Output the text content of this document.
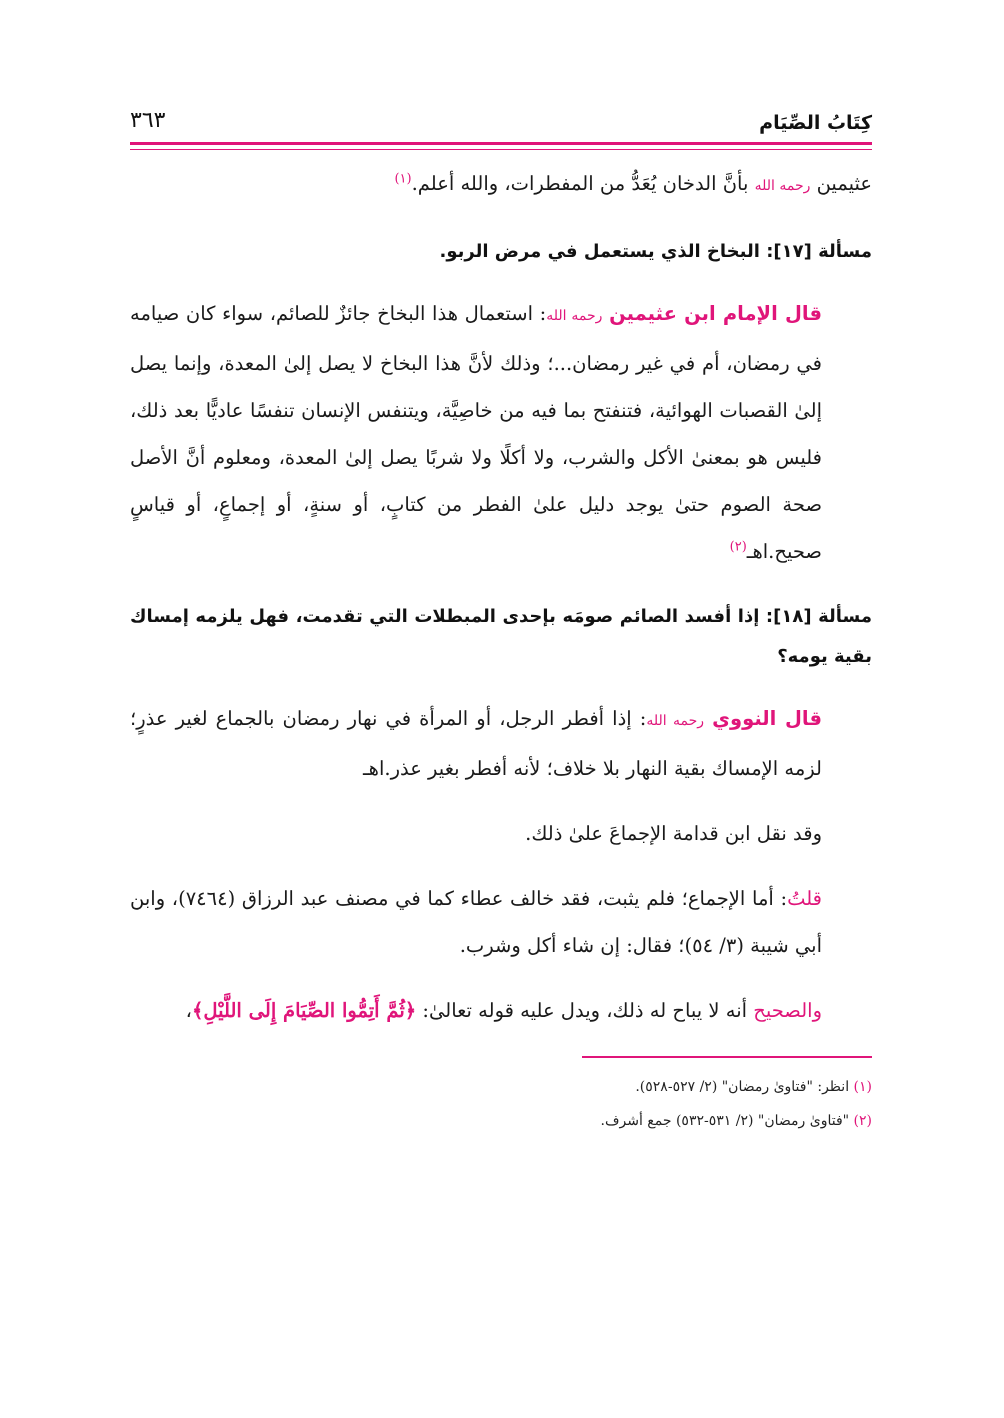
كِتَابُ الصِّيَام
٣٦٣

عثيمين رحمه الله بأنَّ الدخان يُعَدُّ من المفطرات، والله أعلم.$^{(١)}$

مسألة [١٧]: البخاخ الذي يستعمل في مرض الربو.

قال الإمام ابن عثيمين رحمه الله: استعمال هذا البخاخ جائزٌ للصائم، سواء كان صيامه في رمضان، أم في غير رمضان...؛ وذلك لأنَّ هذا البخاخ لا يصل إلىٰ المعدة، وإنما يصل إلىٰ القصبات الهوائية، فتنفتح بما فيه من خاصِيَّة، ويتنفس الإنسان تنفسًا عاديًّا بعد ذلك، فليس هو بمعنىٰ الأكل والشرب، ولا أكلًا ولا شربًا يصل إلىٰ المعدة، ومعلوم أنَّ الأصل صحة الصوم حتىٰ يوجد دليل علىٰ الفطر من كتابٍ، أو سنةٍ، أو إجماعٍ، أو قياسٍ صحيح.اهـ$^{(٢)}$

مسألة [١٨]: إذا أفسد الصائم صومَه بإحدى المبطلات التي تقدمت، فهل يلزمه إمساك بقية يومه؟

قال النووي رحمه الله: إذا أفطر الرجل، أو المرأة في نهار رمضان بالجماع لغير عذرٍ؛ لزمه الإمساك بقية النهار بلا خلاف؛ لأنه أفطر بغير عذر.اهـ

وقد نقل ابن قدامة الإجماعَ علىٰ ذلك.

قلتُ: أما الإجماع؛ فلم يثبت، فقد خالف عطاء كما في مصنف عبد الرزاق (٧٤٦٤)، وابن أبي شيبة (٣/ ٥٤)؛ فقال: إن شاء أكل وشرب.

والصحيح أنه لا يباح له ذلك، ويدل عليه قوله تعالىٰ: ﴿ثُمَّ أَتِمُّوا الصِّيَامَ إِلَى اللَّيْلِ﴾،

(١) انظر: "فتاوىٰ رمضان" (٢/ ٥٢٧-٥٢٨).
(٢) "فتاوىٰ رمضان" (٢/ ٥٣١-٥٣٢) جمع أشرف.
